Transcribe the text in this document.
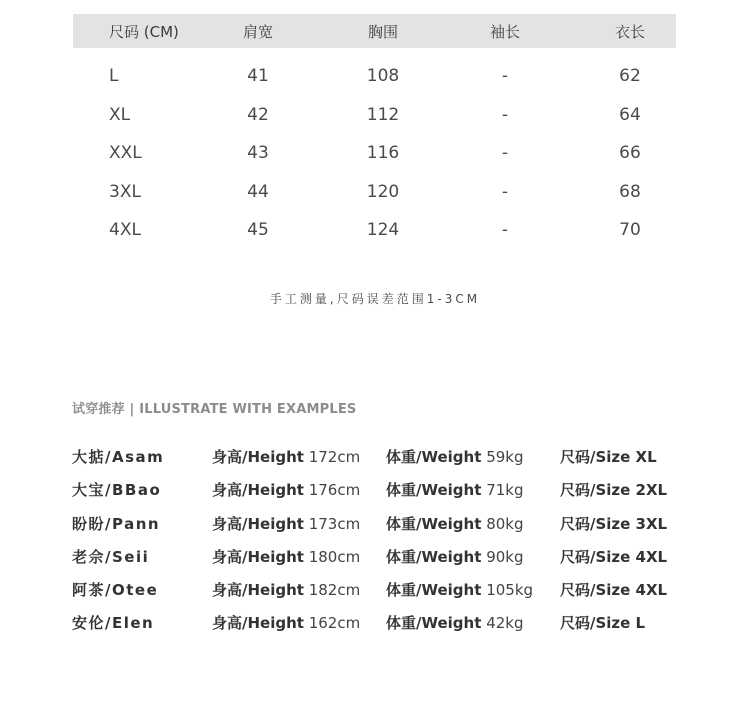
尺码 (CM)	肩宽	胸围	袖长	衣长
L	41	108	-	62
XL	42	112	-	64
XXL	43	116	-	66
3XL	44	120	-	68
4XL	45	124	-	70
手工测量,尺码误差范围1-3CM
试穿推荐 | ILLUSTRATE WITH EXAMPLES
大掂/Asam	身高/Height 172cm 体重/Weight 59kg 尺码/Size XL
大宝/BBao	身高/Height 176cm 体重/Weight 71kg 尺码/Size 2XL
盼盼/Pann	身高/Height 173cm 体重/Weight 80kg 尺码/Size 3XL
老佘/Seii	身高/Height 180cm 体重/Weight 90kg 尺码/Size 4XL
阿茶/Otee	身高/Height 182cm 体重/Weight 105kg 尺码/Size 4XL
安伦/Elen	身高/Height 162cm 体重/Weight 42kg 尺码/Size L
